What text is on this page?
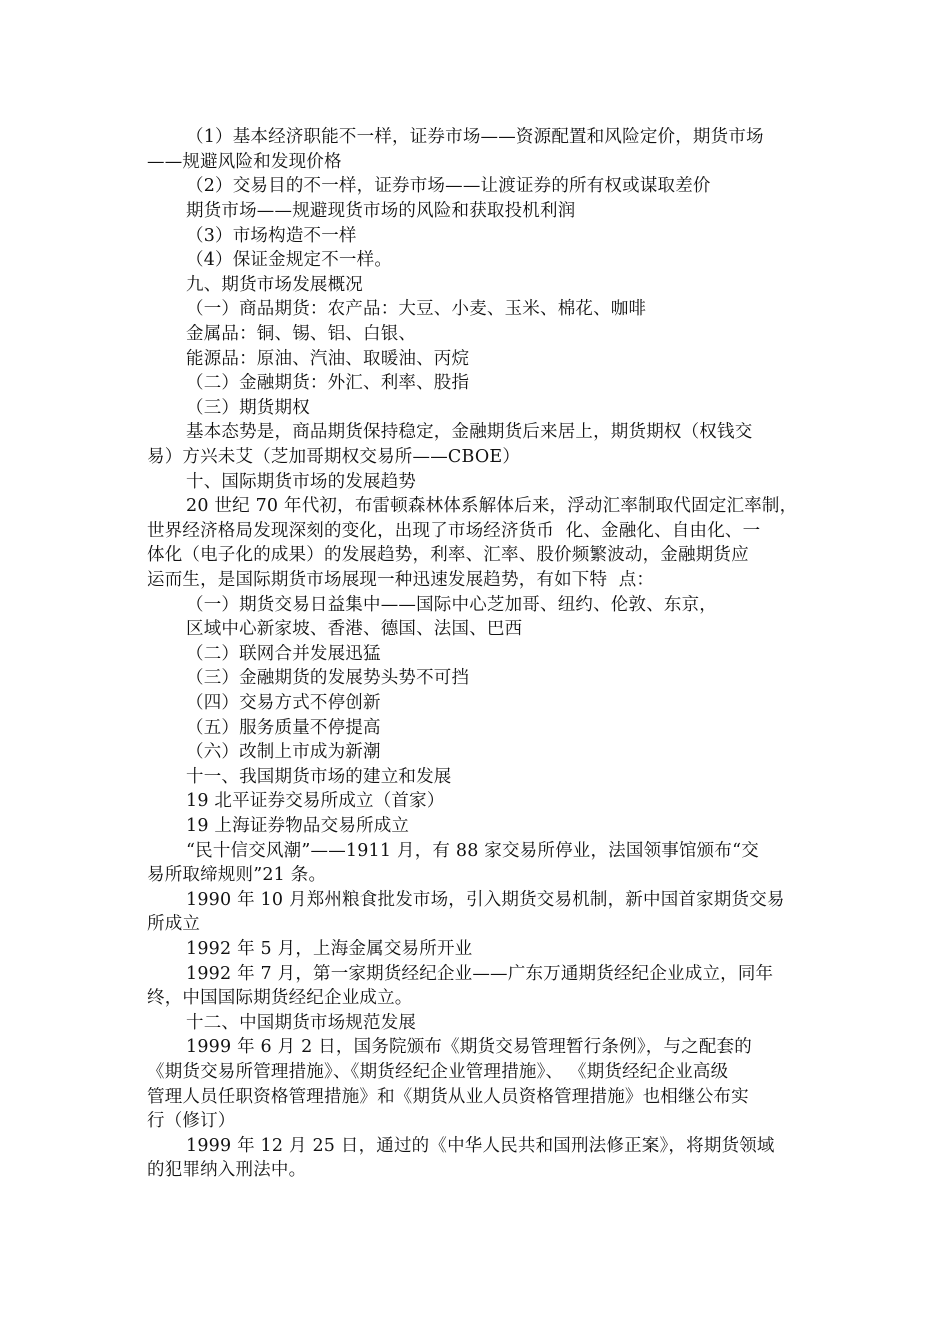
（1）基本经济职能不一样，证券市场——资源配置和风险定价，期货市场
——规避风险和发现价格
（2）交易目的不一样，证券市场——让渡证券的所有权或谋取差价
期货市场——规避现货市场的风险和获取投机利润
（3）市场构造不一样
（4）保证金规定不一样。
九、期货市场发展概况
（一）商品期货：农产品：大豆、小麦、玉米、棉花、咖啡
金属品：铜、锡、铝、白银、
能源品：原油、汽油、取暖油、丙烷
（二）金融期货：外汇、利率、股指
（三）期货期权
基本态势是，商品期货保持稳定，金融期货后来居上，期货期权（权钱交
易）方兴未艾（芝加哥期权交易所——CBOE）
十、国际期货市场的发展趋势
20 世纪 70 年代初，布雷顿森林体系解体后来，浮动汇率制取代固定汇率制，
世界经济格局发现深刻的变化，出现了市场经济货币  化、金融化、自由化、一
体化（电子化的成果）的发展趋势，利率、汇率、股价频繁波动，金融期货应
运而生，是国际期货市场展现一种迅速发展趋势，有如下特  点：
（一）期货交易日益集中——国际中心芝加哥、纽约、伦敦、东京，
区域中心新家坡、香港、德国、法国、巴西
（二）联网合并发展迅猛
（三）金融期货的发展势头势不可挡
（四）交易方式不停创新
（五）服务质量不停提高
（六）改制上市成为新潮
十一、我国期货市场的建立和发展
19 北平证券交易所成立（首家）
19 上海证券物品交易所成立
“民十信交风潮”——1911 月，有 88 家交易所停业，法国领事馆颁布“交
易所取缔规则”21 条。
1990 年 10 月郑州粮食批发市场，引入期货交易机制，新中国首家期货交易
所成立
1992 年 5 月，上海金属交易所开业
1992 年 7 月，第一家期货经纪企业——广东万通期货经纪企业成立，同年
终，中国国际期货经纪企业成立。
十二、中国期货市场规范发展
1999 年 6 月 2 日，国务院颁布《期货交易管理暂行条例》，与之配套的
《期货交易所管理措施》、《期货经纪企业管理措施》、 《期货经纪企业高级
管理人员任职资格管理措施》和《期货从业人员资格管理措施》也相继公布实
行（修订）
1999 年 12 月 25 日，通过的《中华人民共和国刑法修正案》，将期货领域
的犯罪纳入刑法中。
